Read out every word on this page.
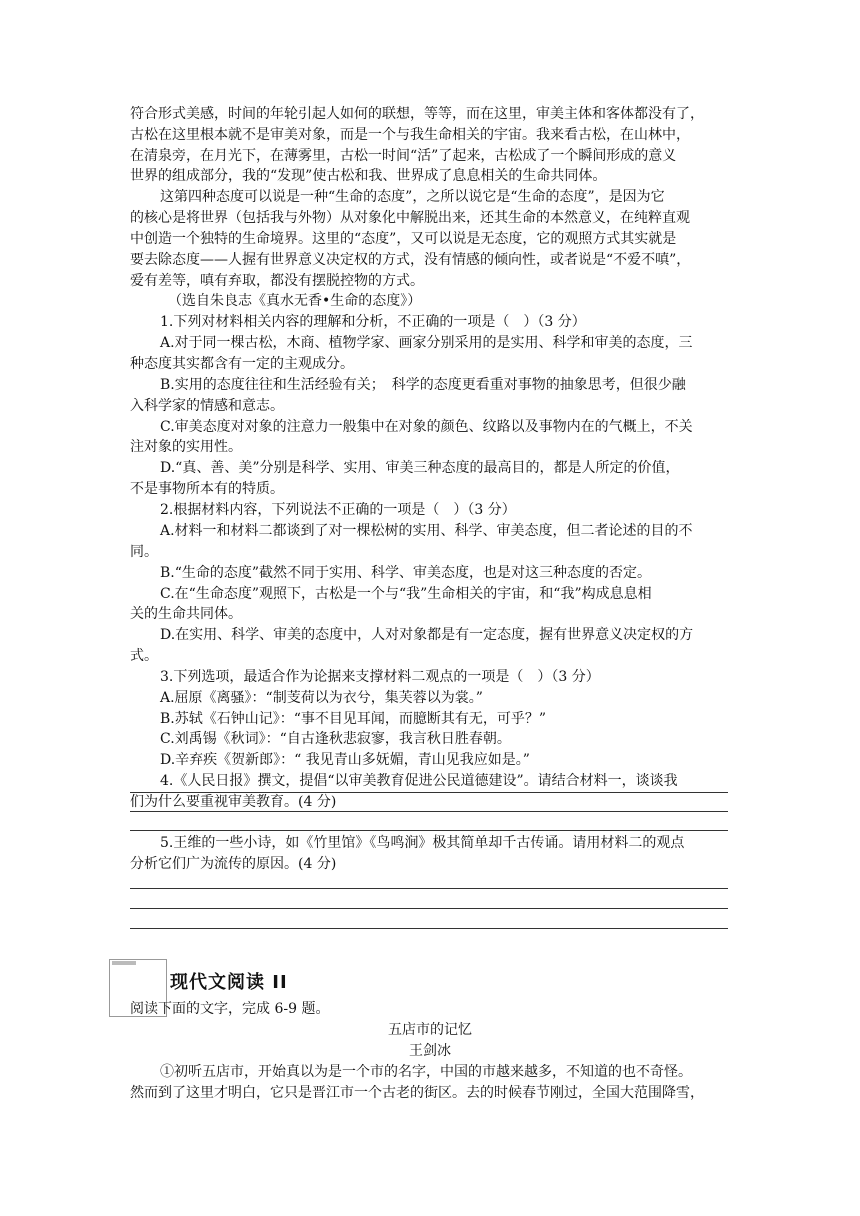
符合形式美感，时间的年轮引起人如何的联想，等等，而在这里，审美主体和客体都没有了，
古松在这里根本就不是审美对象，而是一个与我生命相关的宇宙。我来看古松，在山林中，
在清泉旁，在月光下，在薄雾里，古松一时间“活”了起来，古松成了一个瞬间形成的意义
世界的组成部分，我的“发现”使古松和我、世界成了息息相关的生命共同体。
这第四种态度可以说是一种“生命的态度”，之所以说它是“生命的态度”，是因为它
的核心是将世界（包括我与外物）从对象化中解脱出来，还其生命的本然意义，在纯粹直观
中创造一个独特的生命境界。这里的“态度”，又可以说是无态度，它的观照方式其实就是
要去除态度——人握有世界意义决定权的方式，没有情感的倾向性，或者说是“不爱不嗔”，
爱有差等，嗔有弃取，都没有摆脱控物的方式。
（选自朱良志《真水无香•生命的态度》）
1.下列对材料相关内容的理解和分析，不正确的一项是（　）（3 分）
A.对于同一棵古松，木商、植物学家、画家分别采用的是实用、科学和审美的态度，三
种态度其实都含有一定的主观成分。
B.实用的态度往往和生活经验有关；　科学的态度更看重对事物的抽象思考，但很少融
入科学家的情感和意志。
C.审美态度对对象的注意力一般集中在对象的颜色、纹路以及事物内在的气概上，不关
注对象的实用性。
D.“真、善、美”分别是科学、实用、审美三种态度的最高目的，都是人所定的价值，
不是事物所本有的特质。
2.根据材料内容，下列说法不正确的一项是（　）（3 分）
A.材料一和材料二都谈到了对一棵松树的实用、科学、审美态度，但二者论述的目的不
同。
B.“生命的态度”截然不同于实用、科学、审美态度，也是对这三种态度的否定。
C.在“生命态度”观照下，古松是一个与“我”生命相关的宇宙，和“我”构成息息相
关的生命共同体。
D.在实用、科学、审美的态度中，人对对象都是有一定态度，握有世界意义决定权的方
式。
3.下列选项，最适合作为论据来支撑材料二观点的一项是（　）（3 分）
A.屈原《离骚》：“制芰荷以为衣兮，集芙蓉以为裳。”
B.苏轼《石钟山记》：“事不目见耳闻，而臆断其有无，可乎？”
C.刘禹锡《秋词》：“自古逢秋悲寂寥，我言秋日胜春朝。
D.辛弃疾《贺新郎》：“ 我见青山多妩媚，青山见我应如是。”
4.《人民日报》撰文，提倡“以审美教育促进公民道德建设”。请结合材料一，谈谈我
们为什么要重视审美教育。(4 分)
5.王维的一些小诗，如《竹里馆》《鸟鸣涧》极其简单却千古传诵。请用材料二的观点
分析它们广为流传的原因。(4 分)
现代文阅读 II
阅读下面的文字，完成 6-9 题。
五店市的记忆
王剑冰
①初听五店市，开始真以为是一个市的名字，中国的市越来越多，不知道的也不奇怪。
然而到了这里才明白，它只是晋江市一个古老的街区。去的时候春节刚过，全国大范围降雪，
